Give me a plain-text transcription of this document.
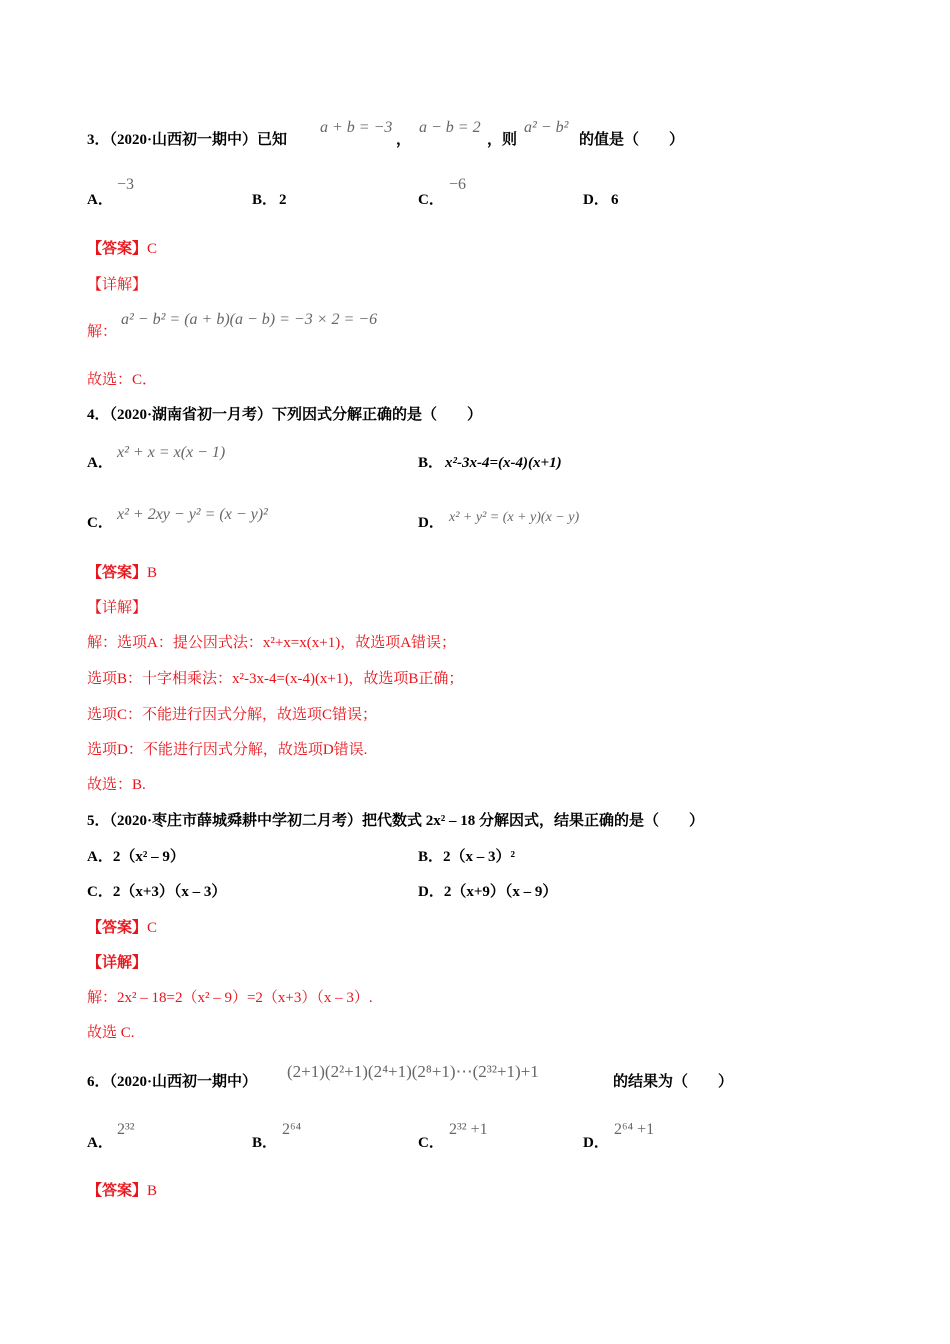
3．（2020·山西初一期中）已知
a + b = −3
，
a − b = 2
，则
a² − b²
的值是（　　）
A．
−3
B． 2	C．
−6
D． 6
【答案】C
【详解】
解：
a² − b² = (a + b)(a − b) = −3 × 2 = −6
故选：C．
4．（2020·湖南省初一月考）下列因式分解正确的是（　　）
A．
x² + x = x(x − 1)
B． x²-3x-4=(x-4)(x+1)
C． x² + 2xy − y² = (x − y)²	D． x² + y² = (x + y)(x − y)
【答案】B
【详解】
解：选项A：提公因式法：x²+x=x(x+1)，故选项A错误；
选项B：十字相乘法：x²-3x-4=(x-4)(x+1)，故选项B正确；
选项C：不能进行因式分解，故选项C错误；
选项D：不能进行因式分解，故选项D错误.
故选：B.
5．（2020·枣庄市薛城舜耕中学初二月考）把代数式 2x² – 18 分解因式，结果正确的是（　　）
A．2（x² – 9）	B．2（x – 3）²
C．2（x+3）（x – 3）	D．2（x+9）（x – 9）
【答案】C
【详解】
解：2x² – 18=2（x² – 9）=2（x+3）（x – 3）.
故选 C.
6．（2020·山西初一期中）
(2+1)(2²+1)(2⁴+1)(2⁸+1)⋯(2³²+1)+1
的结果为（　　）
A．
2³²
B．
2⁶⁴
C．
2³² +1
D．
2⁶⁴ +1
【答案】B
